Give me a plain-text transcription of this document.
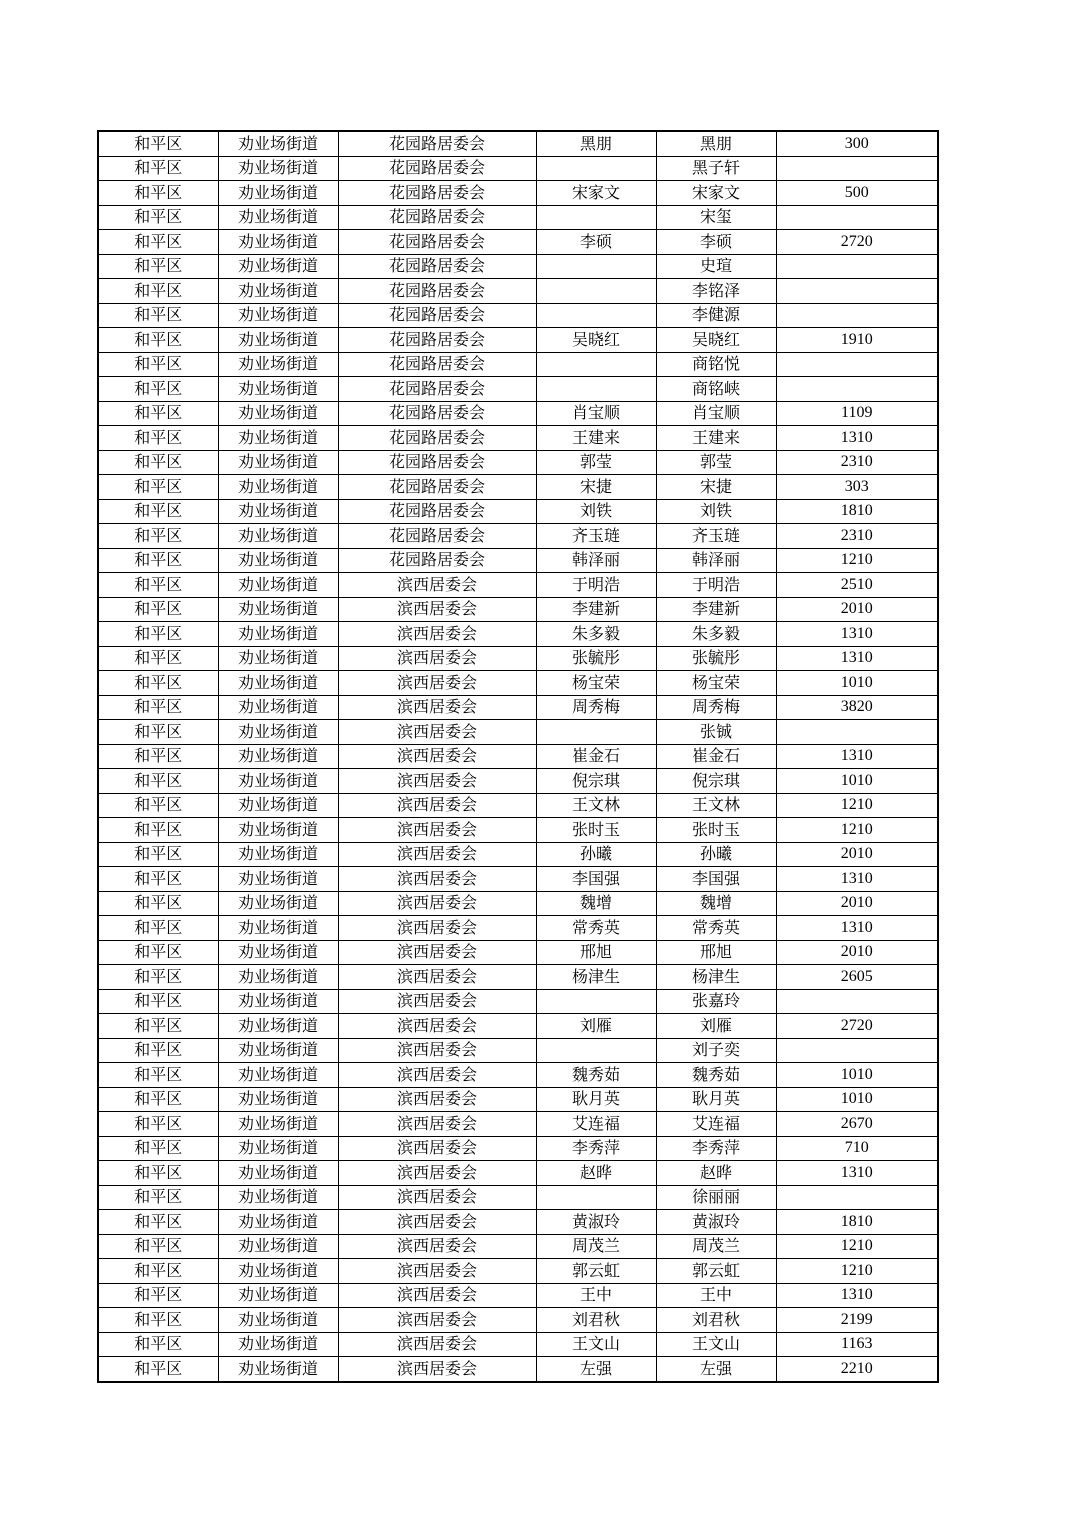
和平区	劝业场街道	花园路居委会	黑朋	黑朋	300
和平区	劝业场街道	花园路居委会		黑子轩	
和平区	劝业场街道	花园路居委会	宋家文	宋家文	500
和平区	劝业场街道	花园路居委会		宋玺	
和平区	劝业场街道	花园路居委会	李硕	李硕	2720
和平区	劝业场街道	花园路居委会		史瑄	
和平区	劝业场街道	花园路居委会		李铭泽	
和平区	劝业场街道	花园路居委会		李健源	
和平区	劝业场街道	花园路居委会	吴晓红	吴晓红	1910
和平区	劝业场街道	花园路居委会		商铭悦	
和平区	劝业场街道	花园路居委会		商铭峡	
和平区	劝业场街道	花园路居委会	肖宝顺	肖宝顺	1109
和平区	劝业场街道	花园路居委会	王建来	王建来	1310
和平区	劝业场街道	花园路居委会	郭莹	郭莹	2310
和平区	劝业场街道	花园路居委会	宋捷	宋捷	303
和平区	劝业场街道	花园路居委会	刘铁	刘铁	1810
和平区	劝业场街道	花园路居委会	齐玉琏	齐玉琏	2310
和平区	劝业场街道	花园路居委会	韩泽丽	韩泽丽	1210
和平区	劝业场街道	滨西居委会	于明浩	于明浩	2510
和平区	劝业场街道	滨西居委会	李建新	李建新	2010
和平区	劝业场街道	滨西居委会	朱多毅	朱多毅	1310
和平区	劝业场街道	滨西居委会	张毓彤	张毓彤	1310
和平区	劝业场街道	滨西居委会	杨宝荣	杨宝荣	1010
和平区	劝业场街道	滨西居委会	周秀梅	周秀梅	3820
和平区	劝业场街道	滨西居委会		张铖	
和平区	劝业场街道	滨西居委会	崔金石	崔金石	1310
和平区	劝业场街道	滨西居委会	倪宗琪	倪宗琪	1010
和平区	劝业场街道	滨西居委会	王文林	王文林	1210
和平区	劝业场街道	滨西居委会	张时玉	张时玉	1210
和平区	劝业场街道	滨西居委会	孙曦	孙曦	2010
和平区	劝业场街道	滨西居委会	李国强	李国强	1310
和平区	劝业场街道	滨西居委会	魏增	魏增	2010
和平区	劝业场街道	滨西居委会	常秀英	常秀英	1310
和平区	劝业场街道	滨西居委会	邢旭	邢旭	2010
和平区	劝业场街道	滨西居委会	杨津生	杨津生	2605
和平区	劝业场街道	滨西居委会		张嘉玲	
和平区	劝业场街道	滨西居委会	刘雁	刘雁	2720
和平区	劝业场街道	滨西居委会		刘子奕	
和平区	劝业场街道	滨西居委会	魏秀茹	魏秀茹	1010
和平区	劝业场街道	滨西居委会	耿月英	耿月英	1010
和平区	劝业场街道	滨西居委会	艾连福	艾连福	2670
和平区	劝业场街道	滨西居委会	李秀萍	李秀萍	710
和平区	劝业场街道	滨西居委会	赵晔	赵晔	1310
和平区	劝业场街道	滨西居委会		徐丽丽	
和平区	劝业场街道	滨西居委会	黄淑玲	黄淑玲	1810
和平区	劝业场街道	滨西居委会	周茂兰	周茂兰	1210
和平区	劝业场街道	滨西居委会	郭云虹	郭云虹	1210
和平区	劝业场街道	滨西居委会	王中	王中	1310
和平区	劝业场街道	滨西居委会	刘君秋	刘君秋	2199
和平区	劝业场街道	滨西居委会	王文山	王文山	1163
和平区	劝业场街道	滨西居委会	左强	左强	2210
